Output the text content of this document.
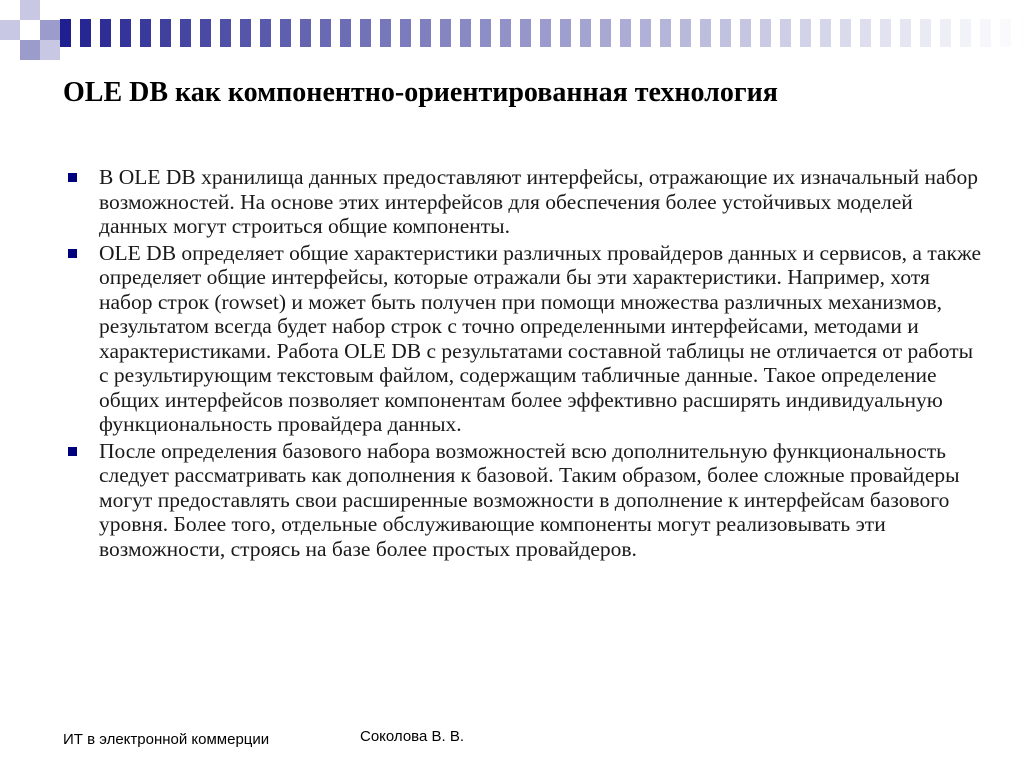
OLE DB как компонентно-ориентированная технология
В OLE DB хранилища данных предоставляют интерфейсы, отражающие их изначальный набор возможностей. На основе этих интерфейсов для обеспечения более устойчивых моделей данных могут строиться общие компоненты.
OLE DB определяет общие характеристики различных провайдеров данных и сервисов, а также определяет общие интерфейсы, которые отражали бы эти характеристики. Например, хотя набор строк (rowset) и может быть получен при помощи множества различных механизмов, результатом всегда будет набор строк с точно определенными интерфейсами, методами и характеристиками. Работа OLE DB с результатами составной таблицы не отличается от работы с результирующим текстовым файлом, содержащим табличные данные. Такое определение общих интерфейсов позволяет компонентам более эффективно расширять индивидуальную функциональность провайдера данных.
После определения базового набора возможностей всю дополнительную функциональность следует рассматривать как дополнения к базовой. Таким образом, более сложные провайдеры могут предоставлять свои расширенные возможности в дополнение к интерфейсам базового уровня. Более того, отдельные обслуживающие компоненты могут реализовывать эти возможности, строясь на базе более простых провайдеров.
ИТ в электронной коммерции	Соколова В. В.
